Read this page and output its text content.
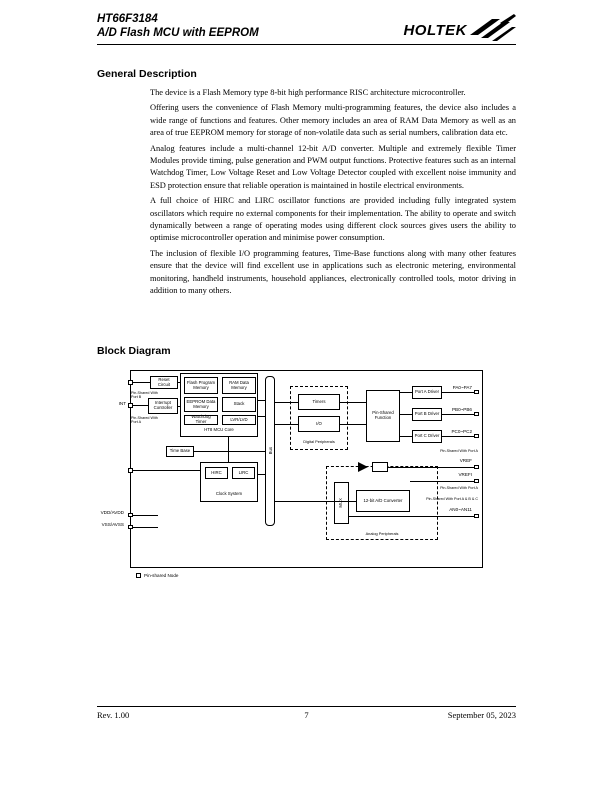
HT66F3184
A/D Flash MCU with EEPROM	HOLTEK
General Description

The device is a Flash Memory type 8-bit high performance RISC architecture microcontroller.

Offering users the convenience of Flash Memory multi-programming features, the device also includes a wide range of functions and features. Other memory includes an area of RAM Data Memory as well as an area of true EEPROM memory for storage of non-volatile data such as serial numbers, calibration data etc.

Analog features include a multi-channel 12-bit A/D converter. Multiple and extremely flexible Timer Modules provide timing, pulse generation and PWM output functions. Protective features such as an internal Watchdog Timer, Low Voltage Reset and Low Voltage Detector coupled with excellent noise immunity and ESD protection ensure that reliable operation is maintained in hostile electrical environments.

A full choice of HIRC and LIRC oscillator functions are provided including fully integrated system oscillators which require no external components for their implementation. The ability to operate and switch dynamically between a range of operating modes using different clock sources gives users the ability to optimise microcontroller operation and minimise power consumption.

The inclusion of flexible I/O programming features, Time-Base functions along with many other features ensure that the device will find excellent use in applications such as electronic metering, environmental monitoring, handheld instruments, household appliances, electronically controlled tools, motor driving in addition to many others.

Block Diagram
Reset Circuit
Pin-Shared With Port B
INT	Interrupt Controller
Pin-Shared With Port A
Flash Program Memory
RAM Data Memory
EEPROM Data Memory	Stack
Watchdog Timer	LVR/LVD
HT8 MCU Core
Time Base
HIRC	LIRC
Clock System
Bus
Timers
I/O
Digital Peripherals
Pin-Shared Function
Port A Driver
PA0~PA7
Port B Driver
PB0~PB6
Port C Driver
PC0~PC2
MUX	12-bit A/D Converter
Analog Peripherals
Pin-Shared With Port A
VREF
VREFI
Pin-Shared With Port A
Pin-Shared With Port A & B & C
AN0~AN11
VDD/AVDD
VSS/AVSS
Pin-shared Node
Rev. 1.00	7	September 05, 2023
